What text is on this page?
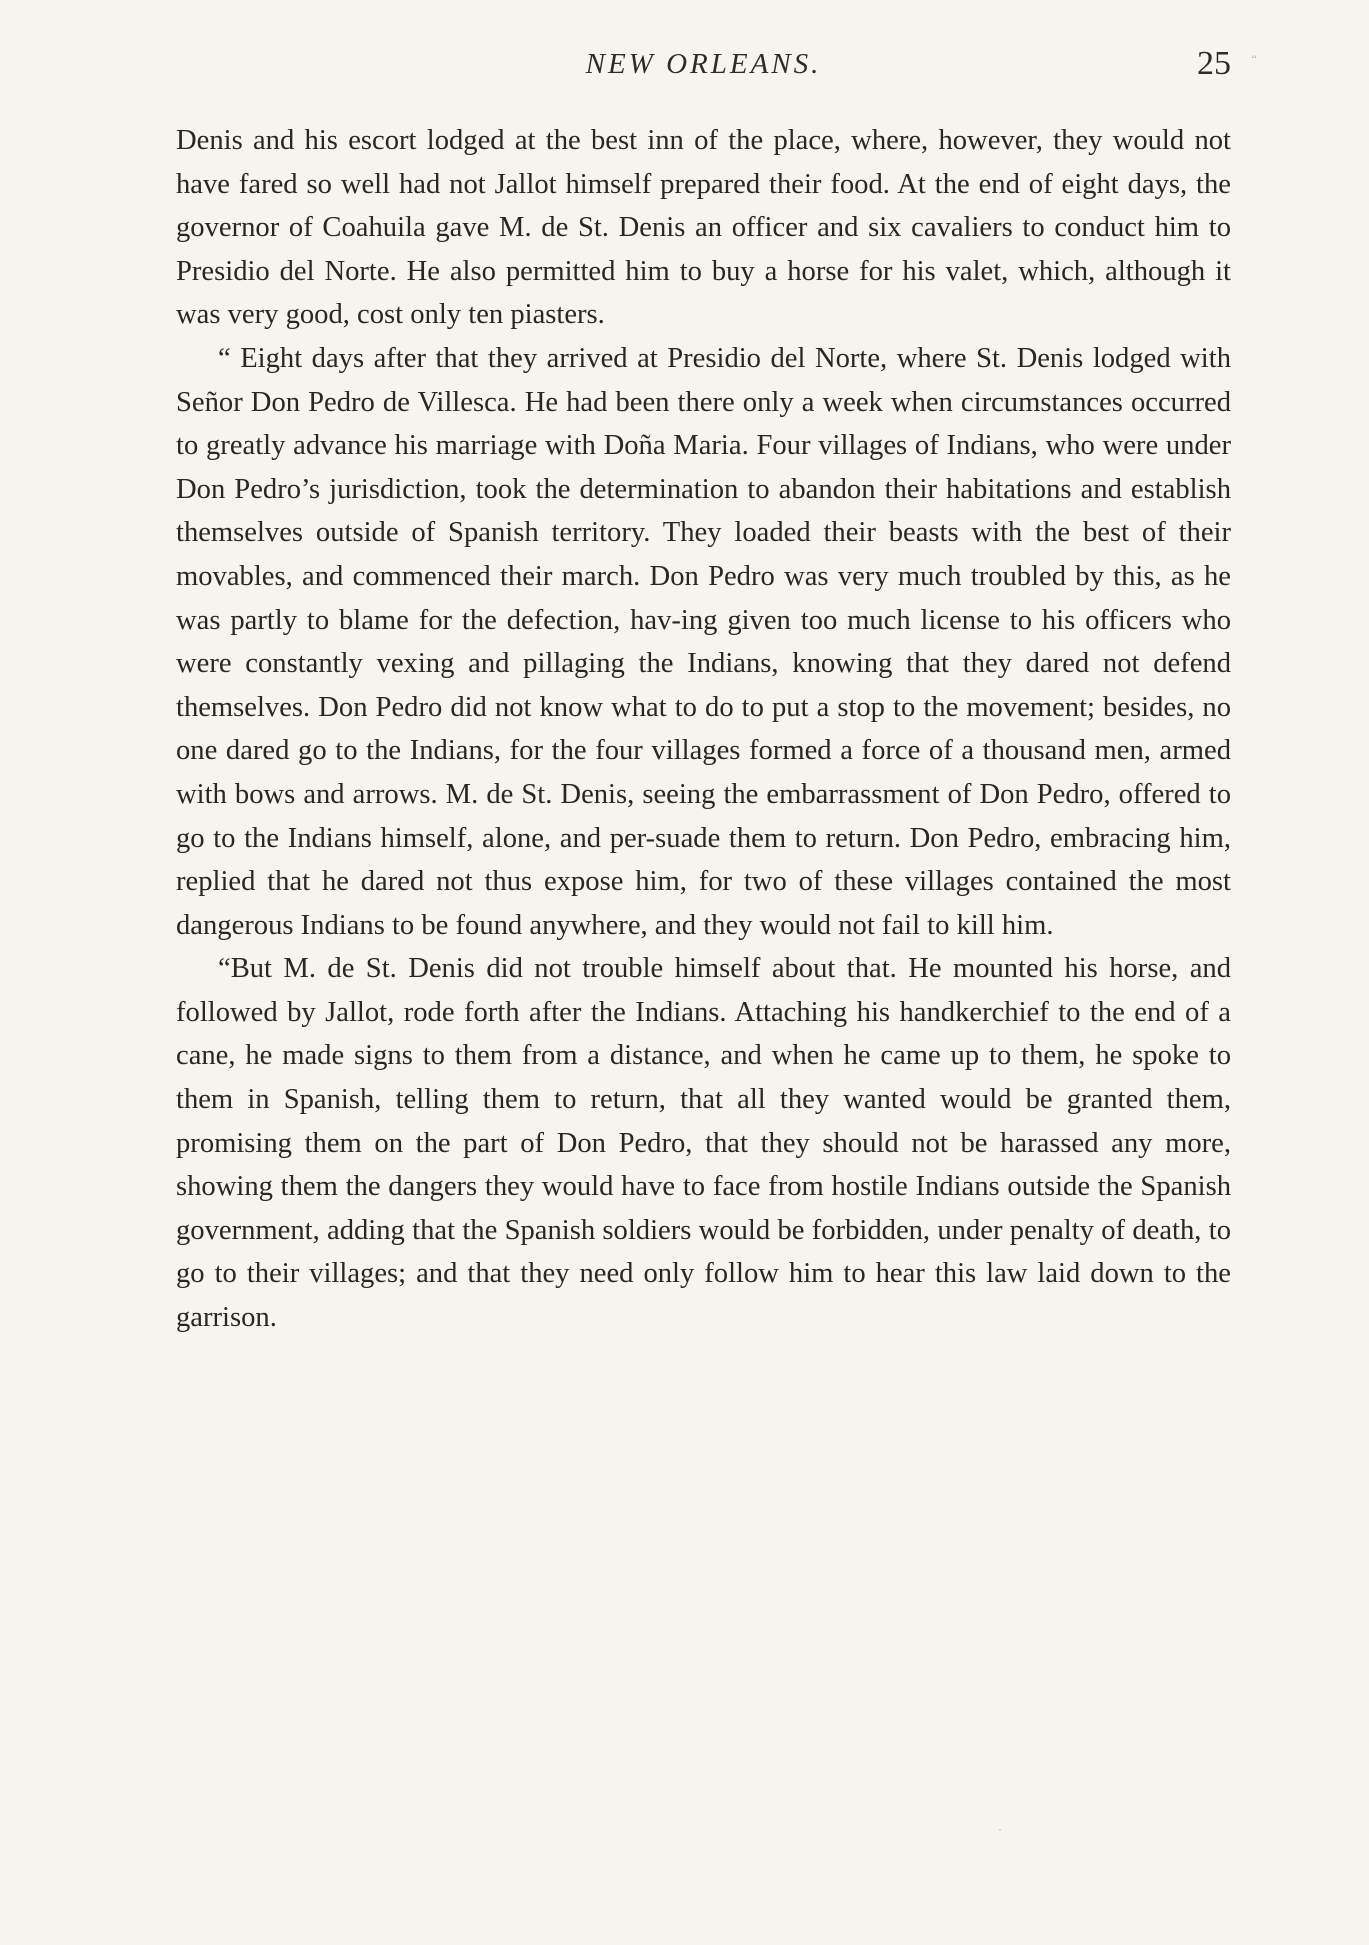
NEW ORLEANS.	25 “

Denis and his escort lodged at the best inn of the place, where, however, they would not have fared so well had not Jallot himself prepared their food. At the end of eight days, the governor of Coahuila gave M. de St. Denis an officer and six cavaliers to conduct him to Presidio del Norte. He also permitted him to buy a horse for his valet, which, although it was very good, cost only ten piasters.

“ Eight days after that they arrived at Presidio del Norte, where St. Denis lodged with Señor Don Pedro de Villesca. He had been there only a week when circumstances occurred to greatly advance his marriage with Doña Maria. Four villages of Indians, who were under Don Pedro’s jurisdiction, took the determination to abandon their habitations and establish themselves outside of Spanish territory. They loaded their beasts with the best of their movables, and commenced their march. Don Pedro was very much troubled by this, as he was partly to blame for the defection, hav-ing given too much license to his officers who were constantly vexing and pillaging the Indians, knowing that they dared not defend themselves. Don Pedro did not know what to do to put a stop to the movement; besides, no one dared go to the Indians, for the four villages formed a force of a thousand men, armed with bows and arrows. M. de St. Denis, seeing the embarrassment of Don Pedro, offered to go to the Indians himself, alone, and per-suade them to return. Don Pedro, embracing him, replied that he dared not thus expose him, for two of these villages contained the most dangerous Indians to be found anywhere, and they would not fail to kill him.

“But M. de St. Denis did not trouble himself about that. He mounted his horse, and followed by Jallot, rode forth after the Indians. Attaching his handkerchief to the end of a cane, he made signs to them from a distance, and when he came up to them, he spoke to them in Spanish, telling them to return, that all they wanted would be granted them, promising them on the part of Don Pedro, that they should not be harassed any more, showing them the dangers they would have to face from hostile Indians outside the Spanish government, adding that the Spanish soldiers would be forbidden, under penalty of death, to go to their villages; and that they need only follow him to hear this law laid down to the garrison.
